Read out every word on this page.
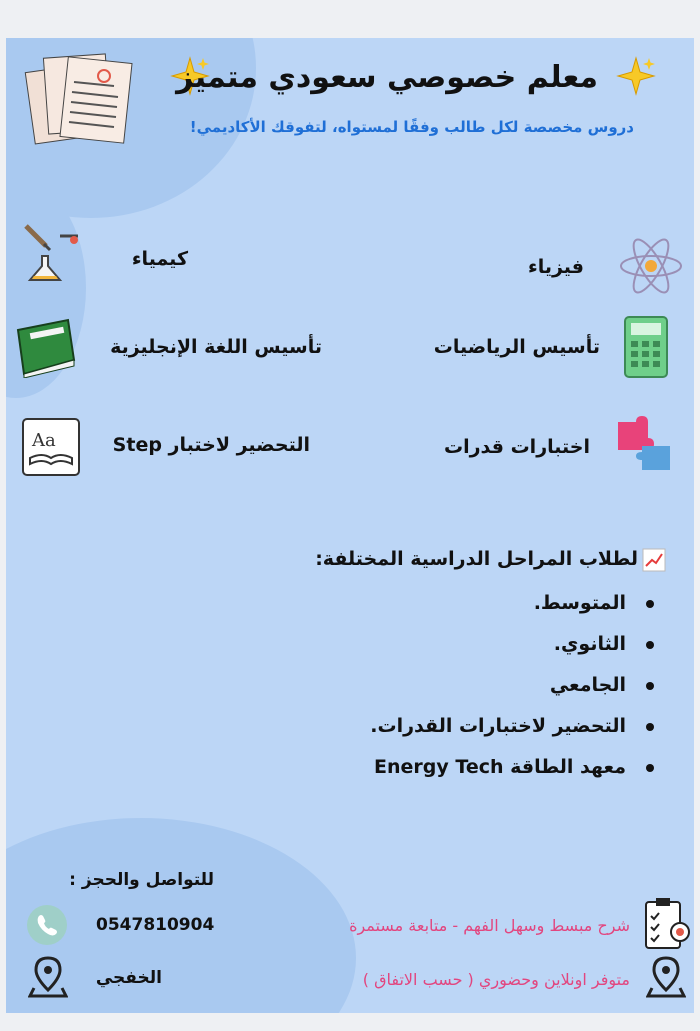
معلم خصوصي سعودي متميز
دروس مخصصة لكل طالب وفقًا لمستواه، لتفوقك الأكاديمي!
كيمياء	فيزياء
تأسيس اللغة الإنجليزية	تأسيس الرياضيات
Aa	التحضير لاختبار Step	اختبارات قدرات
لطلاب المراحل الدراسية المختلفة:
المتوسط.
الثانوي.
الجامعي
التحضير لاختبارات القدرات.
معهد الطاقة Energy Tech
للتواصل والحجز :
0547810904
الخفجي
شرح مبسط وسهل الفهم - متابعة مستمرة
متوفر اونلاين وحضوري ( حسب الاتفاق )
